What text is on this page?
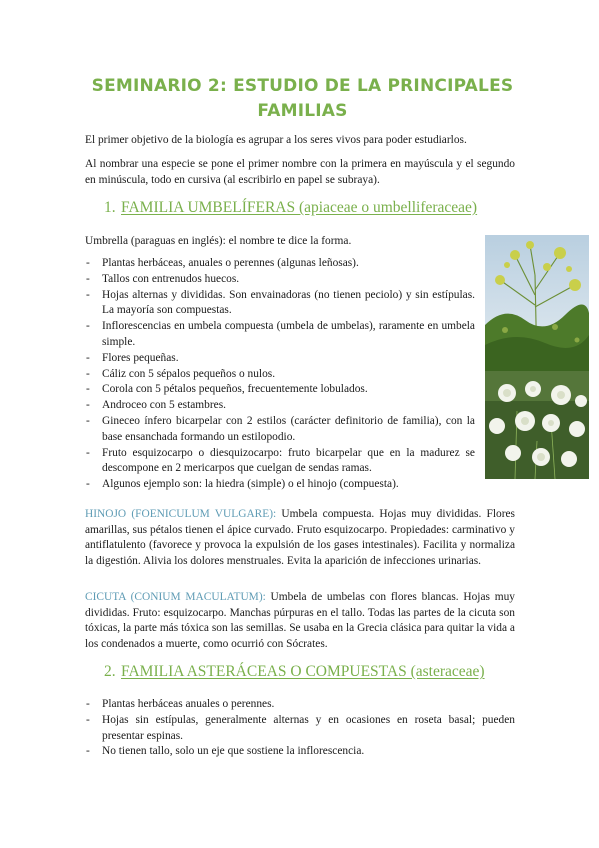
SEMINARIO 2: ESTUDIO DE LA PRINCIPALES
FAMILIAS
El primer objetivo de la biología es agrupar a los seres vivos para poder estudiarlos.
Al nombrar una especie se pone el primer nombre con la primera en mayúscula y el segundo en minúscula, todo en cursiva (al escribirlo en papel se subraya).
1. FAMILIA UMBELÍFERAS (apiaceae o umbelliferaceae)
Umbrella (paraguas en inglés): el nombre te dice la forma.
- Plantas herbáceas, anuales o perennes (algunas leñosas).
- Tallos con entrenudos huecos.
- Hojas alternas y divididas. Son envainadoras (no tienen peciolo) y sin estípulas. La mayoría son compuestas.
- Inflorescencias en umbela compuesta (umbela de umbelas), raramente en umbela simple.
- Flores pequeñas.
- Cáliz con 5 sépalos pequeños o nulos.
- Corola con 5 pétalos pequeños, frecuentemente lobulados.
- Androceo con 5 estambres.
- Gineceo ínfero bicarpelar con 2 estilos (carácter definitorio de familia), con la base ensanchada formando un estilopodio.
- Fruto esquizocarpo o diesquizocarpo: fruto bicarpelar que en la madurez se descompone en 2 mericarpos que cuelgan de sendas ramas.
- Algunos ejemplo son: la hiedra (simple) o el hinojo (compuesta).
HINOJO (FOENICULUM VULGARE): Umbela compuesta. Hojas muy divididas. Flores amarillas, sus pétalos tienen el ápice curvado. Fruto esquizocarpo. Propiedades: carminativo y antiflatulento (favorece y provoca la expulsión de los gases intestinales). Facilita y normaliza la digestión. Alivia los dolores menstruales. Evita la aparición de infecciones urinarias.
CICUTA (CONIUM MACULATUM): Umbela de umbelas con flores blancas. Hojas muy divididas. Fruto: esquizocarpo. Manchas púrpuras en el tallo. Todas las partes de la cicuta son tóxicas, la parte más tóxica son las semillas. Se usaba en la Grecia clásica para quitar la vida a los condenados a muerte, como ocurrió con Sócrates.
2. FAMILIA ASTERÁCEAS O COMPUESTAS (asteraceae)
- Plantas herbáceas anuales o perennes.
- Hojas sin estípulas, generalmente alternas y en ocasiones en roseta basal; pueden presentar espinas.
- No tienen tallo, solo un eje que sostiene la inflorescencia.
